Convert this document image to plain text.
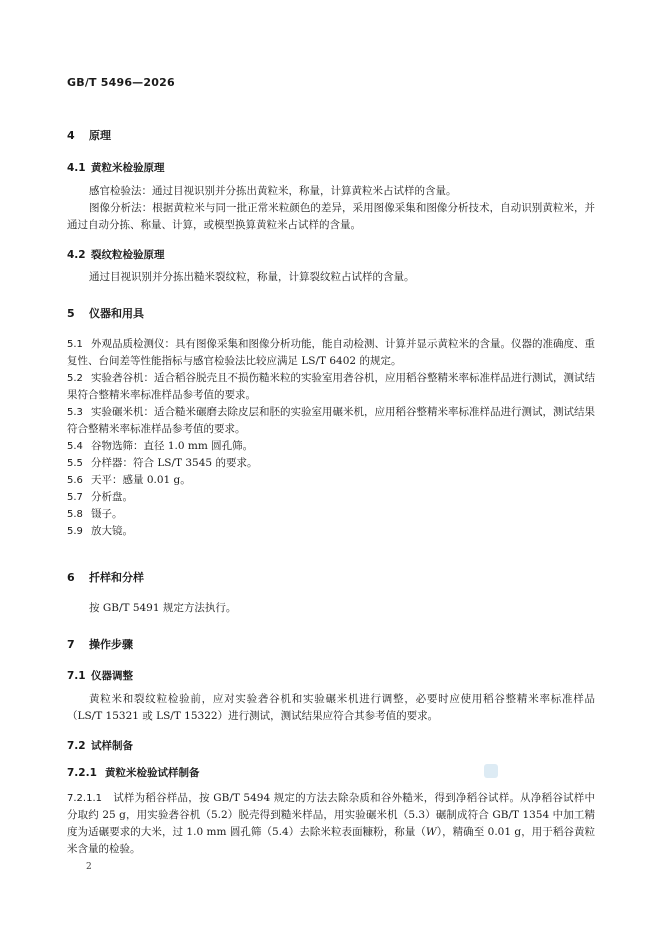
GB/T 5496—2026
4 原理
4.1 黄粒米检验原理
感官检验法：通过目视识别并分拣出黄粒米，称量，计算黄粒米占试样的含量。
图像分析法：根据黄粒米与同一批正常米粒颜色的差异，采用图像采集和图像分析技术，自动识别黄粒米，并通过自动分拣、称量、计算，或模型换算黄粒米占试样的含量。
4.2 裂纹粒检验原理
通过目视识别并分拣出糙米裂纹粒，称量，计算裂纹粒占试样的含量。
5 仪器和用具
5.1 外观品质检测仪：具有图像采集和图像分析功能，能自动检测、计算并显示黄粒米的含量。仪器的准确度、重复性、台间差等性能指标与感官检验法比较应满足 LS/T 6402 的规定。
5.2 实验砻谷机：适合稻谷脱壳且不损伤糙米粒的实验室用砻谷机，应用稻谷整精米率标准样品进行测试，测试结果符合整精米率标准样品参考值的要求。
5.3 实验碾米机：适合糙米碾磨去除皮层和胚的实验室用碾米机，应用稻谷整精米率标准样品进行测试，测试结果符合整精米率标准样品参考值的要求。
5.4 谷物选筛：直径 1.0 mm 圆孔筛。
5.5 分样器：符合 LS/T 3545 的要求。
5.6 天平：感量 0.01 g。
5.7 分析盘。
5.8 镊子。
5.9 放大镜。
6 扦样和分样
按 GB/T 5491 规定方法执行。
7 操作步骤
7.1 仪器调整
黄粒米和裂纹粒检验前，应对实验砻谷机和实验碾米机进行调整，必要时应使用稻谷整精米率标准样品（LS/T 15321 或 LS/T 15322）进行测试，测试结果应符合其参考值的要求。
7.2 试样制备
7.2.1 黄粒米检验试样制备
7.2.1.1 试样为稻谷样品，按 GB/T 5494 规定的方法去除杂质和谷外糙米，得到净稻谷试样。从净稻谷试样中分取约 25 g，用实验砻谷机（5.2）脱壳得到糙米样品，用实验碾米机（5.3）碾制成符合 GB/T 1354 中加工精度为适碾要求的大米，过 1.0 mm 圆孔筛（5.4）去除米粒表面糠粉，称量（W），精确至 0.01 g，用于稻谷黄粒米含量的检验。
2
